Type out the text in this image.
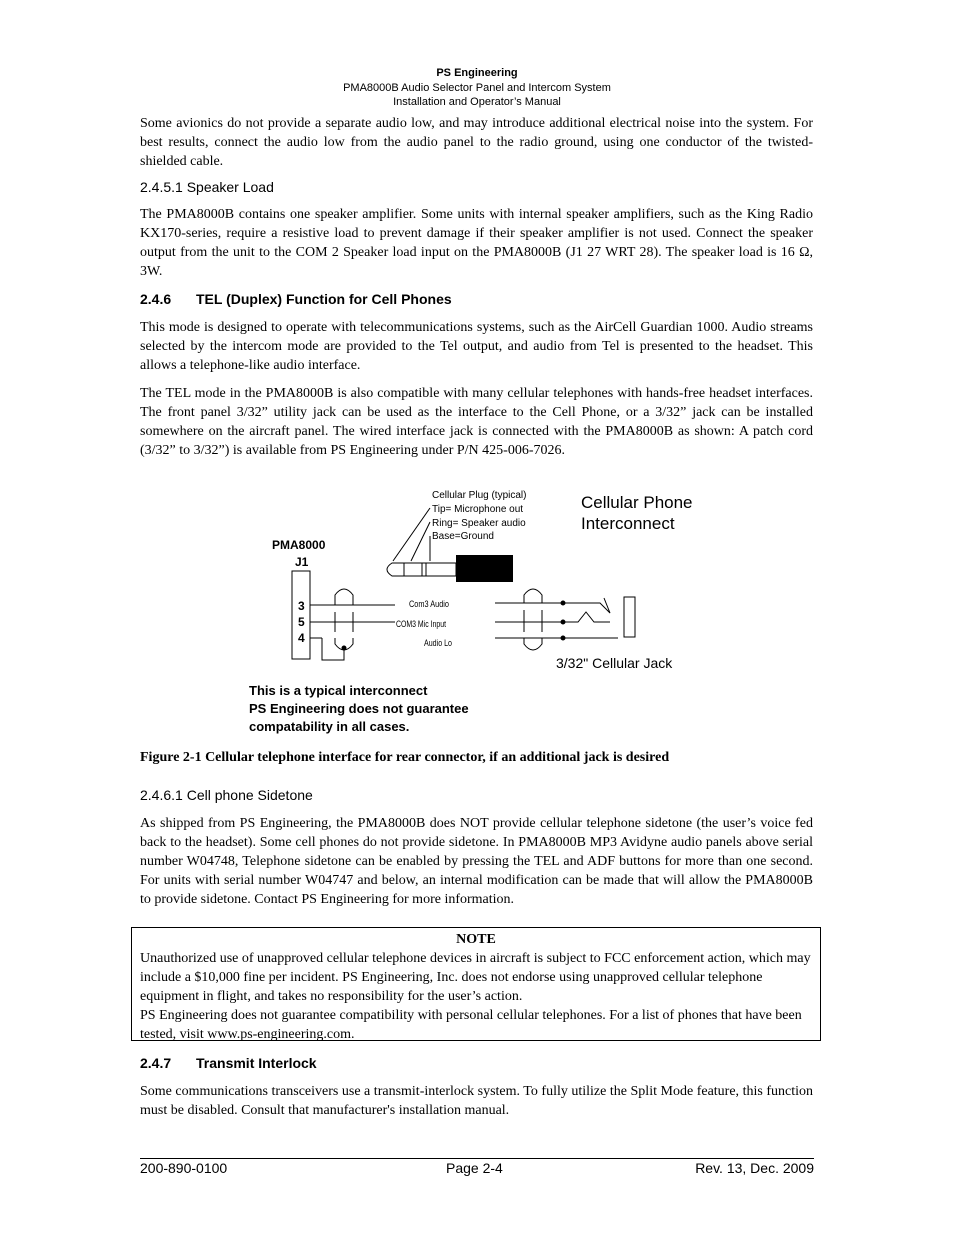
PS Engineering
PMA8000B Audio Selector Panel and Intercom System
Installation and Operator’s Manual
Some avionics do not provide a separate audio low, and may introduce additional electrical noise into the system. For best results, connect the audio low from the audio panel to the radio ground, using one conductor of the twisted-shielded cable.
2.4.5.1 Speaker Load
The PMA8000B contains one speaker amplifier. Some units with internal speaker amplifiers, such as the King Radio KX170-series, require a resistive load to prevent damage if their speaker amplifier is not used. Connect the speaker output from the unit to the COM 2 Speaker load input on the PMA8000B (J1 27 WRT 28). The speaker load is 16 Ω, 3W.
2.4.6 TEL (Duplex) Function for Cell Phones
This mode is designed to operate with telecommunications systems, such as the AirCell Guardian 1000. Audio streams selected by the intercom mode are provided to the Tel output, and audio from Tel is presented to the headset. This allows a telephone-like audio interface.
The TEL mode in the PMA8000B is also compatible with many cellular telephones with hands-free headset interfaces. The front panel 3/32” utility jack can be used as the interface to the Cell Phone, or a 3/32” jack can be installed somewhere on the aircraft panel. The wired interface jack is connected with the PMA8000B as shown: A patch cord (3/32” to 3/32”) is available from PS Engineering under P/N 425-006-7026.
Cellular Plug (typical)
Tip= Microphone out
Ring= Speaker audio
Base=Ground
Cellular Phone
Interconnect
PMA8000
J1
3
5
4
Com3 Audio
COM3 Mic Input
Audio Lo
3/32" Cellular Jack
This is a typical interconnect
PS Engineering does not guarantee
compatability in all cases.
Figure 2-1 Cellular telephone interface for rear connector, if an additional jack is desired
2.4.6.1 Cell phone Sidetone
As shipped from PS Engineering, the PMA8000B does NOT provide cellular telephone sidetone (the user’s voice fed back to the headset). Some cell phones do not provide sidetone. In PMA8000B MP3 Avidyne audio panels above serial number W04748, Telephone sidetone can be enabled by pressing the TEL and ADF buttons for more than one second. For units with serial number W04747 and below, an internal modification can be made that will allow the PMA8000B to provide sidetone. Contact PS Engineering for more information.
NOTE
Unauthorized use of unapproved cellular telephone devices in aircraft is subject to FCC enforcement action, which may include a $10,000 fine per incident. PS Engineering, Inc. does not endorse using unapproved cellular telephone equipment in flight, and takes no responsibility for the user’s action.
PS Engineering does not guarantee compatibility with personal cellular telephones. For a list of phones that have been tested, visit www.ps-engineering.com.
2.4.7 Transmit Interlock
Some communications transceivers use a transmit-interlock system. To fully utilize the Split Mode feature, this function must be disabled. Consult that manufacturer's installation manual.
200-890-0100	Page 2-4	Rev. 13, Dec. 2009
